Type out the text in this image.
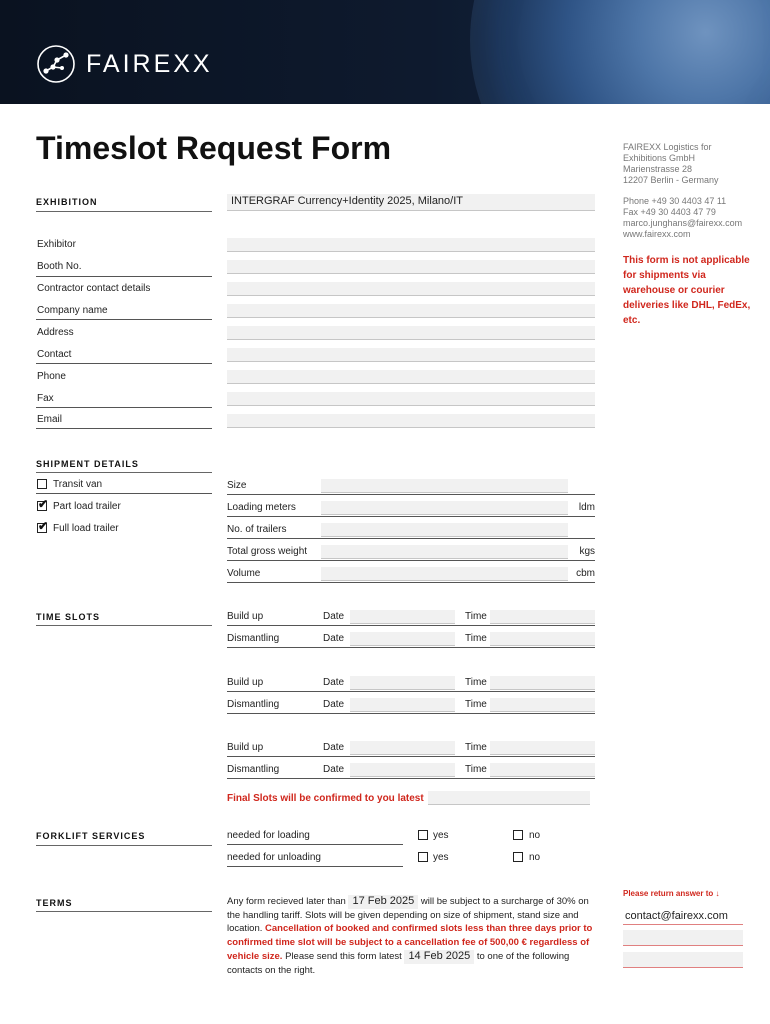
FAIREXX
Timeslot Request Form	FAIREXX Logistics for
Exhibitions GmbH
Marienstrasse 28
12207 Berlin - Germany
Phone +49 30 4403 47 11
Fax +49 30 4403 47 79
marco.junghans@fairexx.com
www.fairexx.com
This form is not applicable for shipments via warehouse or courier deliveries like DHL, FedEx, etc.
EXHIBITION	INTERGRAF Currency+Identity 2025, Milano/IT
Exhibitor
Booth No.
Contractor contact details
Company name
Address
Contact
Phone
Fax
Email
SHIPMENT DETAILS
Transit van
✔ Part load trailer
✔ Full load trailer
Size
Loading meters	ldm
No. of trailers
Total gross weight	kgs
Volume	cbm
TIME SLOTS	Build up	Date	Time
Dismantling	Date	Time
Build up	Date	Time
Dismantling	Date	Time
Build up	Date	Time
Dismantling	Date	Time
Final Slots will be confirmed to you latest
FORKLIFT SERVICES	needed for loading	yes	no
needed for unloading	yes	no
TERMS	Any form recieved later than 17 Feb 2025 will be subject to a surcharge of 30% on the handling tariff. Slots will be given depending on size of shipment, stand size and location. Cancellation of booked and confirmed slots less than three days prior to confirmed time slot will be subject to a cancellation fee of 500,00 € regardless of vehicle size. Please send this form latest 14 Feb 2025 to one of the following contacts on the right.
Please return answer to ↓
contact@fairexx.com
